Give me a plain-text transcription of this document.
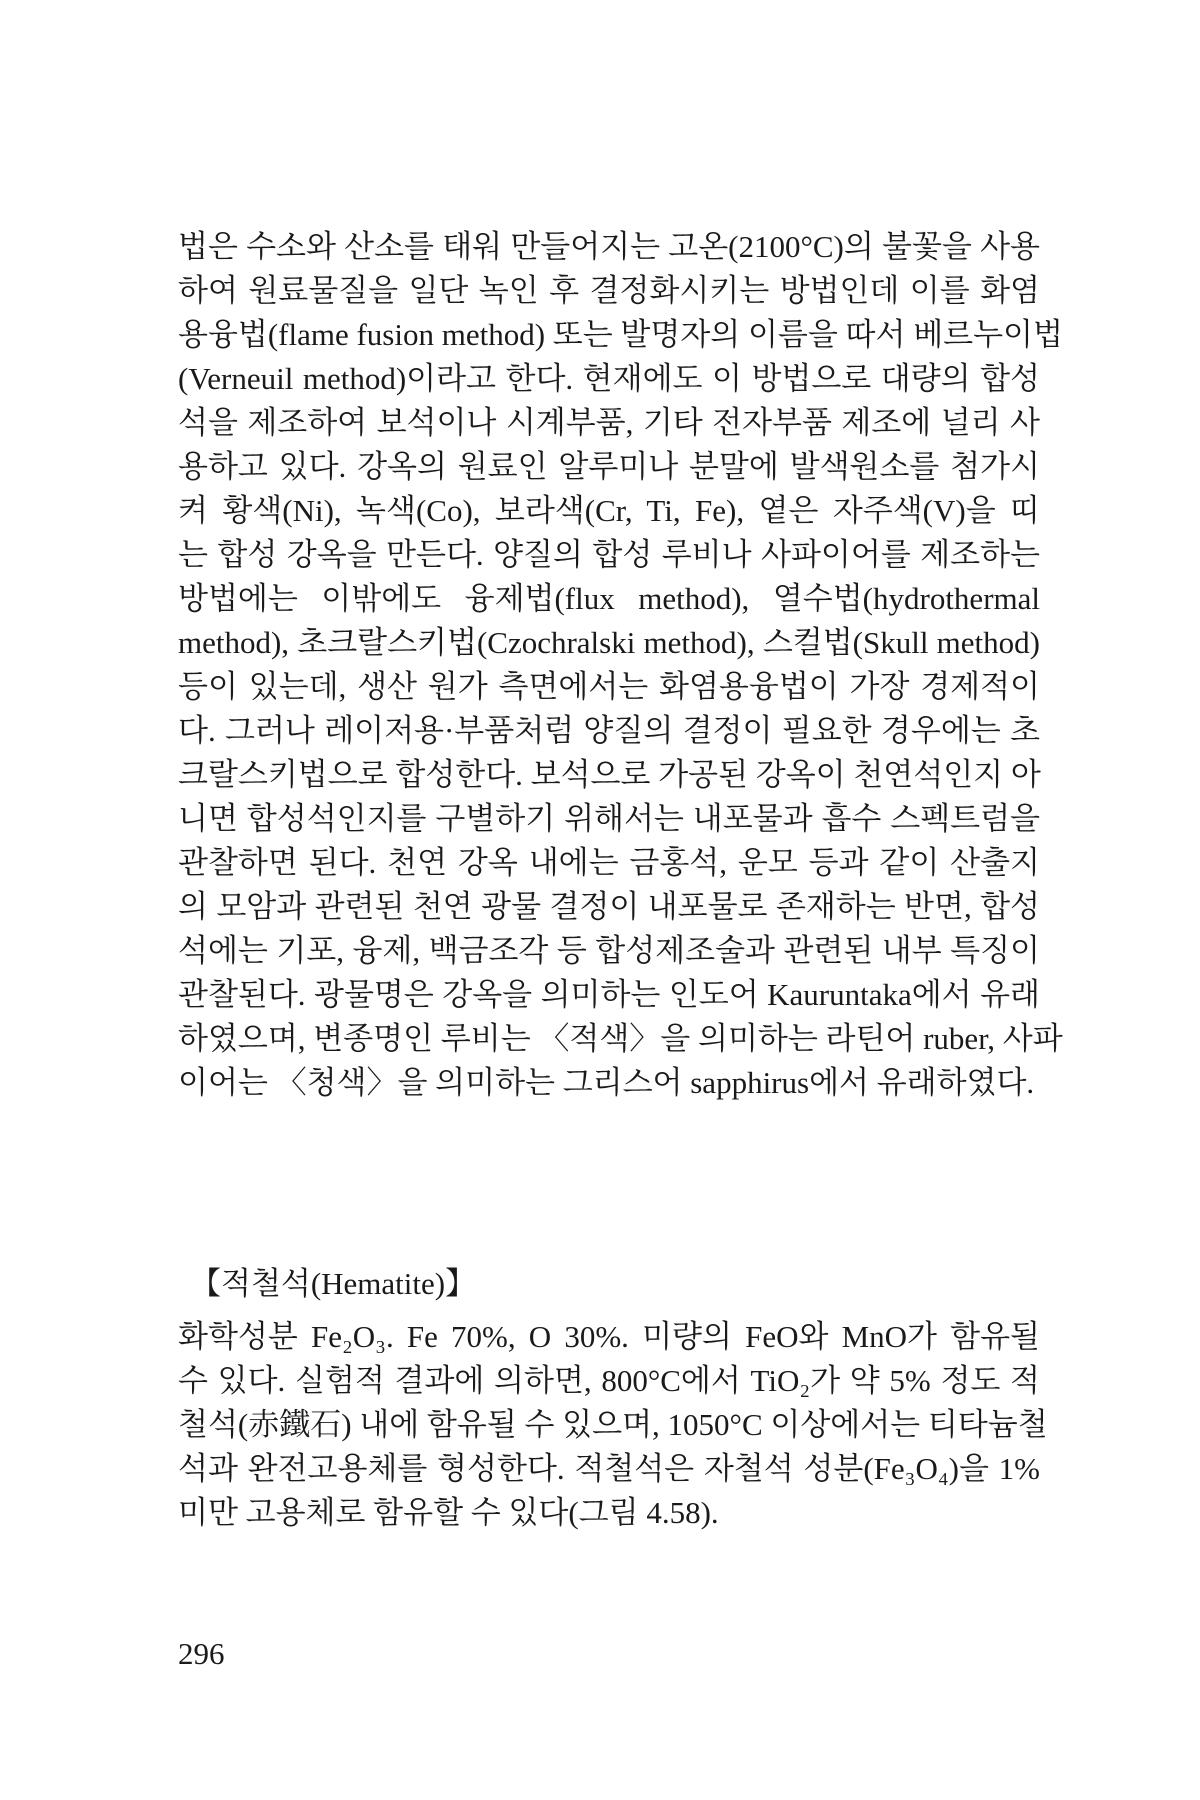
법은 수소와 산소를 태워 만들어지는 고온(2100°C)의 불꽃을 사용
하여 원료물질을 일단 녹인 후 결정화시키는 방법인데 이를 화염
용융법(flame fusion method) 또는 발명자의 이름을 따서 베르누이법
(Verneuil method)이라고 한다. 현재에도 이 방법으로 대량의 합성
석을 제조하여 보석이나 시계부품, 기타 전자부품 제조에 널리 사
용하고 있다. 강옥의 원료인 알루미나 분말에 발색원소를 첨가시
켜 황색(Ni), 녹색(Co), 보라색(Cr, Ti, Fe), 옅은 자주색(V)을 띠
는 합성 강옥을 만든다. 양질의 합성 루비나 사파이어를 제조하는
방법에는 이밖에도 융제법(flux method), 열수법(hydrothermal
method), 초크랄스키법(Czochralski method), 스컬법(Skull method)
등이 있는데, 생산 원가 측면에서는 화염용융법이 가장 경제적이
다. 그러나 레이저용·부품처럼 양질의 결정이 필요한 경우에는 초
크랄스키법으로 합성한다. 보석으로 가공된 강옥이 천연석인지 아
니면 합성석인지를 구별하기 위해서는 내포물과 흡수 스펙트럼을
관찰하면 된다. 천연 강옥 내에는 금홍석, 운모 등과 같이 산출지
의 모암과 관련된 천연 광물 결정이 내포물로 존재하는 반면, 합성
석에는 기포, 융제, 백금조각 등 합성제조술과 관련된 내부 특징이
관찰된다. 광물명은 강옥을 의미하는 인도어 Kauruntaka에서 유래
하였으며, 변종명인 루비는 〈적색〉을 의미하는 라틴어 ruber, 사파
이어는 〈청색〉을 의미하는 그리스어 sapphirus에서 유래하였다.
【적철석(Hematite)】
화학성분 Fe₂O₃. Fe 70%, O 30%. 미량의 FeO와 MnO가 함유될
수 있다. 실험적 결과에 의하면, 800°C에서 TiO₂가 약 5% 정도 적
철석(赤鐵石) 내에 함유될 수 있으며, 1050°C 이상에서는 티타늄철
석과 완전고용체를 형성한다. 적철석은 자철석 성분(Fe₃O₄)을 1%
미만 고용체로 함유할 수 있다(그림 4.58).
296
